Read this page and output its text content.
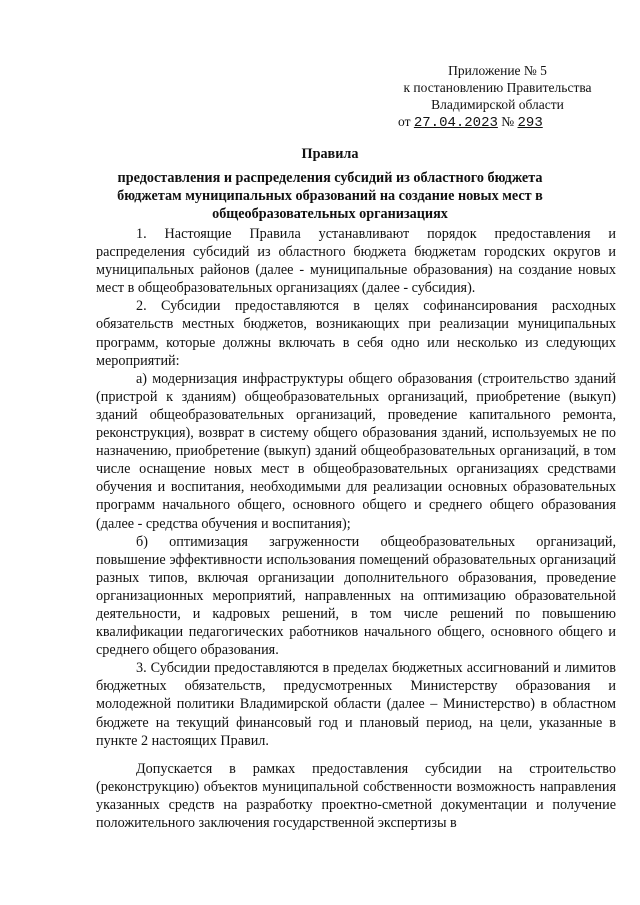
Приложение № 5
к постановлению Правительства
Владимирской области
от 27.04.2023 № 293
Правила
предоставления и распределения субсидий из областного бюджета бюджетам муниципальных образований на создание новых мест в общеобразовательных организациях

1. Настоящие Правила устанавливают порядок предоставления и распределения субсидий из областного бюджета бюджетам городских округов и муниципальных районов (далее - муниципальные образования) на создание новых мест в общеобразовательных организациях (далее - субсидия).

2. Субсидии предоставляются в целях софинансирования расходных обязательств местных бюджетов, возникающих при реализации муниципальных программ, которые должны включать в себя одно или несколько из следующих мероприятий:

а) модернизация инфраструктуры общего образования (строительство зданий (пристрой к зданиям) общеобразовательных организаций, приобретение (выкуп) зданий общеобразовательных организаций, проведение капитального ремонта, реконструкция), возврат в систему общего образования зданий, используемых не по назначению, приобретение (выкуп) зданий общеобразовательных организаций, в том числе оснащение новых мест в общеобразовательных организациях средствами обучения и воспитания, необходимыми для реализации основных образовательных программ начального общего, основного общего и среднего общего образования (далее - средства обучения и воспитания);

б) оптимизация загруженности общеобразовательных организаций, повышение эффективности использования помещений образовательных организаций разных типов, включая организации дополнительного образования, проведение организационных мероприятий, направленных на оптимизацию образовательной деятельности, и кадровых решений, в том числе решений по повышению квалификации педагогических работников начального общего, основного общего и среднего общего образования.

3. Субсидии предоставляются в пределах бюджетных ассигнований и лимитов бюджетных обязательств, предусмотренных Министерству образования и молодежной политики Владимирской области (далее – Министерство) в областном бюджете на текущий финансовый год и плановый период, на цели, указанные в пункте 2 настоящих Правил.

Допускается в рамках предоставления субсидии на строительство (реконструкцию) объектов муниципальной собственности возможность направления указанных средств на разработку проектно-сметной документации и получение положительного заключения государственной экспертизы в
